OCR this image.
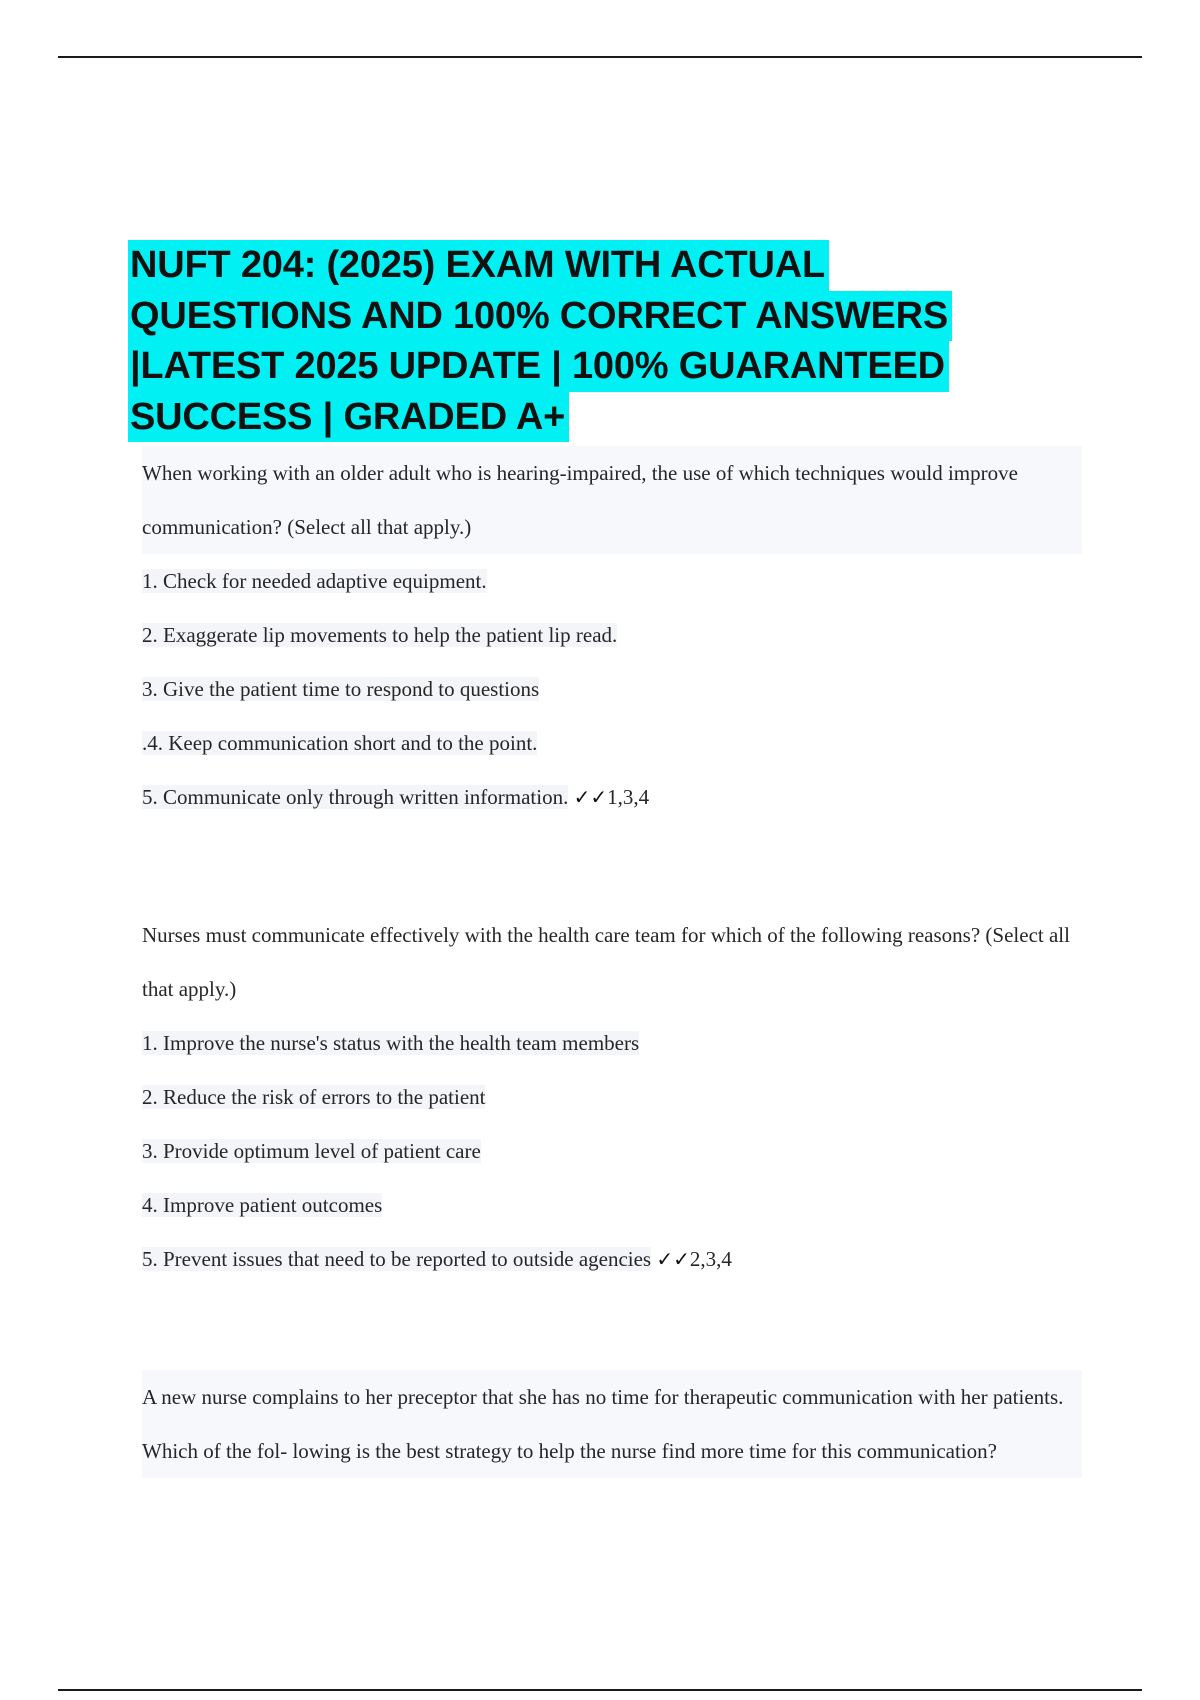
NUFT 204: (2025) EXAM WITH ACTUAL
QUESTIONS AND 100% CORRECT ANSWERS
|LATEST 2025 UPDATE | 100% GUARANTEED
SUCCESS | GRADED A+
When working with an older adult who is hearing-impaired, the use of which techniques would improve communication? (Select all that apply.)
1. Check for needed adaptive equipment.
2. Exaggerate lip movements to help the patient lip read.
3. Give the patient time to respond to questions
.4. Keep communication short and to the point.
5. Communicate only through written information. ✓✓1,3,4
Nurses must communicate effectively with the health care team for which of the following reasons? (Select all that apply.)
1. Improve the nurse's status with the health team members
2. Reduce the risk of errors to the patient
3. Provide optimum level of patient care
4. Improve patient outcomes
5. Prevent issues that need to be reported to outside agencies ✓✓2,3,4
A new nurse complains to her preceptor that she has no time for therapeutic communication with her patients. Which of the fol- lowing is the best strategy to help the nurse find more time for this communication?
